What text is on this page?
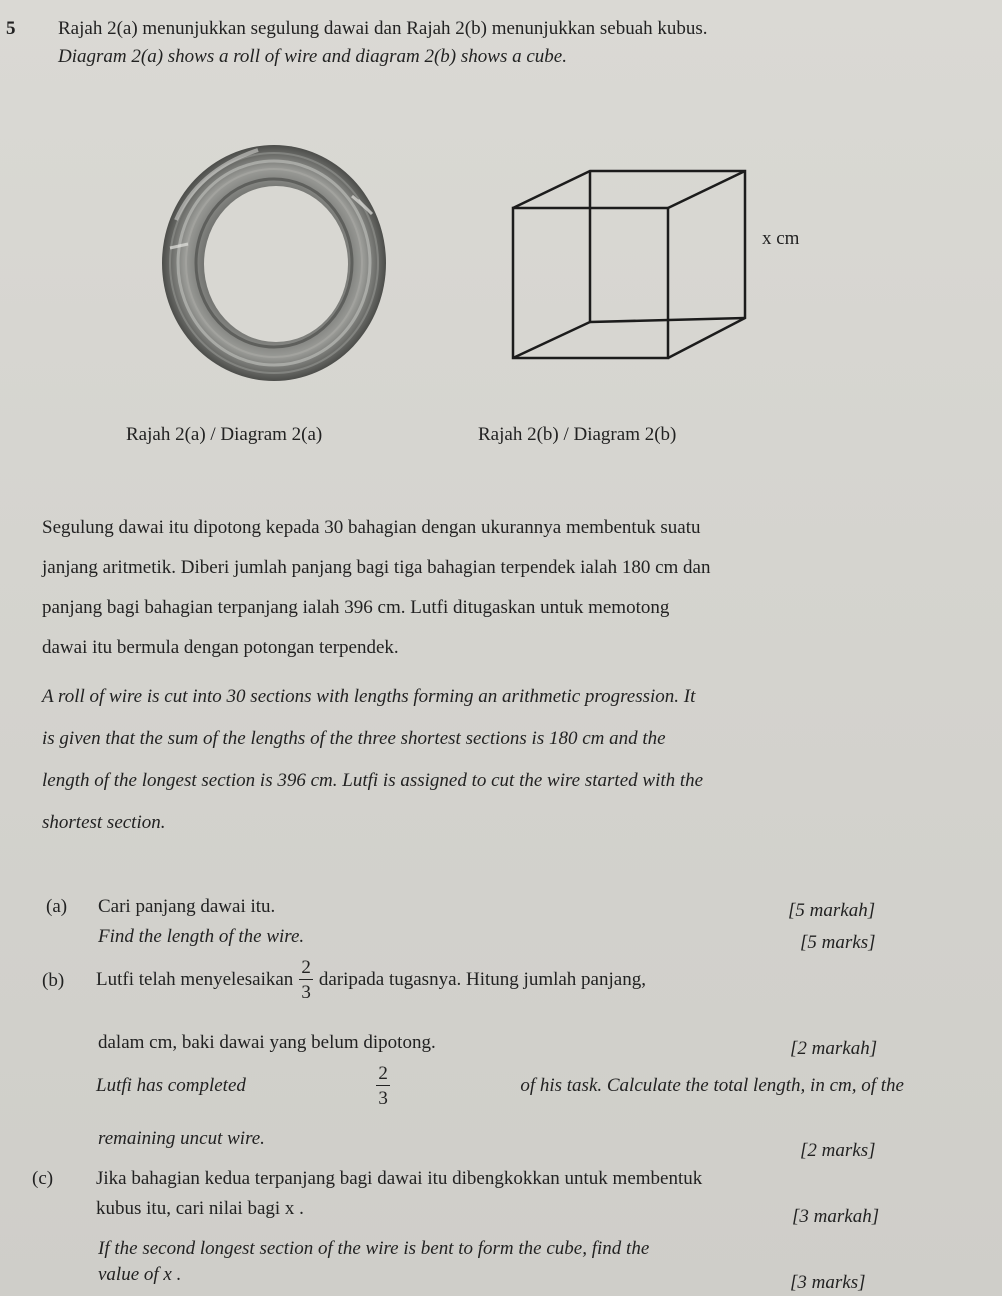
5 Rajah 2(a) menunjukkan segulung dawai dan Rajah 2(b) menunjukkan sebuah kubus.
Diagram 2(a) shows a roll of wire and diagram 2(b) shows a cube.
x cm
Rajah 2(a) / Diagram 2(a)	Rajah 2(b) / Diagram 2(b)
Segulung dawai itu dipotong kepada 30 bahagian dengan ukurannya membentuk suatu
janjang aritmetik. Diberi jumlah panjang bagi tiga bahagian terpendek ialah 180 cm dan
panjang bagi bahagian terpanjang ialah 396 cm. Lutfi ditugaskan untuk memotong
dawai itu bermula dengan potongan terpendek.
A roll of wire is cut into 30 sections with lengths forming an arithmetic progression. It
is given that the sum of the lengths of the three shortest sections is 180 cm and the
length of the longest section is 396 cm. Lutfi is assigned to cut the wire started with the
shortest section.
(a) Cari panjang dawai itu.	[5 markah]
Find the length of the wire.	[5 marks]
(b) Lutfi telah menyelesaikan $\frac{2}{3}$ daripada tugasnya. Hitung jumlah panjang,
dalam cm, baki dawai yang belum dipotong.	[2 markah]
Lutfi has completed	$\frac{2}{3}$	of his task. Calculate the total length, in cm, of the
remaining uncut wire.
[2 marks]
(c) Jika bahagian kedua terpanjang bagi dawai itu dibengkokkan untuk membentuk
kubus itu, cari nilai bagi x .	[3 markah]
If the second longest section of the wire is bent to form the cube, find the
value of x .	[3 marks]
